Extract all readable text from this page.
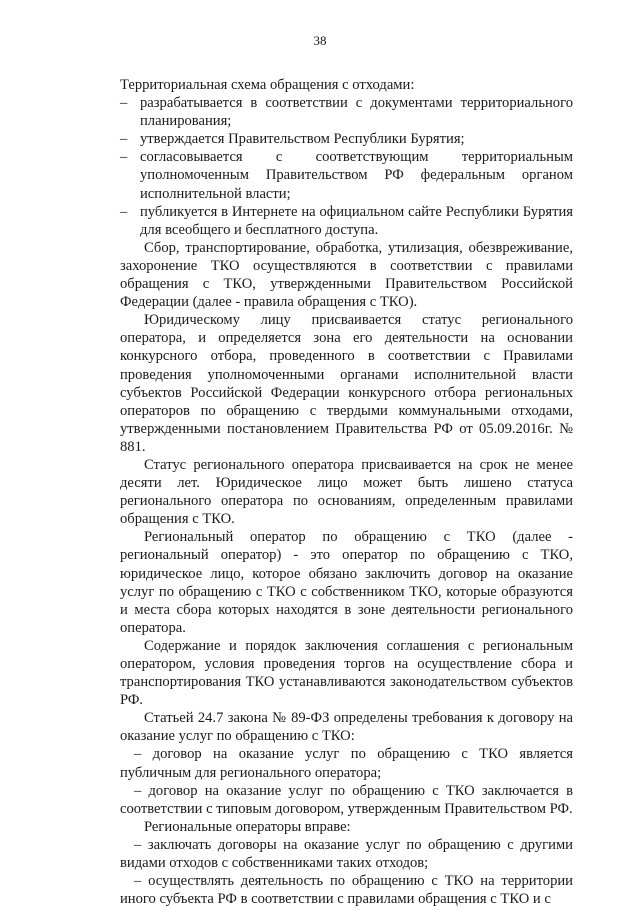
38

Территориальная схема обращения с отходами:

– разрабатывается в соответствии с документами территориального планирования;

– утверждается Правительством Республики Бурятия;

– согласовывается с соответствующим территориальным уполномоченным Правительством РФ федеральным органом исполнительной власти;

– публикуется в Интернете на официальном сайте Республики Бурятия для всеобщего и бесплатного доступа.

Сбор, транспортирование, обработка, утилизация, обезвреживание, захоронение ТКО осуществляются в соответствии с правилами обращения с ТКО, утвержденными Правительством Российской Федерации (далее - правила обращения с ТКО).

Юридическому лицу присваивается статус регионального оператора, и определяется зона его деятельности на основании конкурсного отбора, проведенного в соответствии с Правилами проведения уполномоченными органами исполнительной власти субъектов Российской Федерации конкурсного отбора региональных операторов по обращению с твердыми коммунальными отходами, утвержденными постановлением Правительства РФ от 05.09.2016г. № 881.

Статус регионального оператора присваивается на срок не менее десяти лет. Юридическое лицо может быть лишено статуса регионального оператора по основаниям, определенным правилами обращения с ТКО.

Региональный оператор по обращению с ТКО (далее - региональный оператор) - это оператор по обращению с ТКО, юридическое лицо, которое обязано заключить договор на оказание услуг по обращению с ТКО с собственником ТКО, которые образуются и места сбора которых находятся в зоне деятельности регионального оператора.

Содержание и порядок заключения соглашения с региональным оператором, условия проведения торгов на осуществление сбора и транспортирования ТКО устанавливаются законодательством субъектов РФ.

Статьей 24.7 закона № 89-ФЗ определены требования к договору на оказание услуг по обращению с ТКО:

– договор на оказание услуг по обращению с ТКО является публичным для регионального оператора;

– договор на оказание услуг по обращению с ТКО заключается в соответствии с типовым договором, утвержденным Правительством РФ.

Региональные операторы вправе:

– заключать договоры на оказание услуг по обращению с другими видами отходов с собственниками таких отходов;

– осуществлять деятельность по обращению с ТКО на территории иного субъекта РФ в соответствии с правилами обращения с ТКО и с
